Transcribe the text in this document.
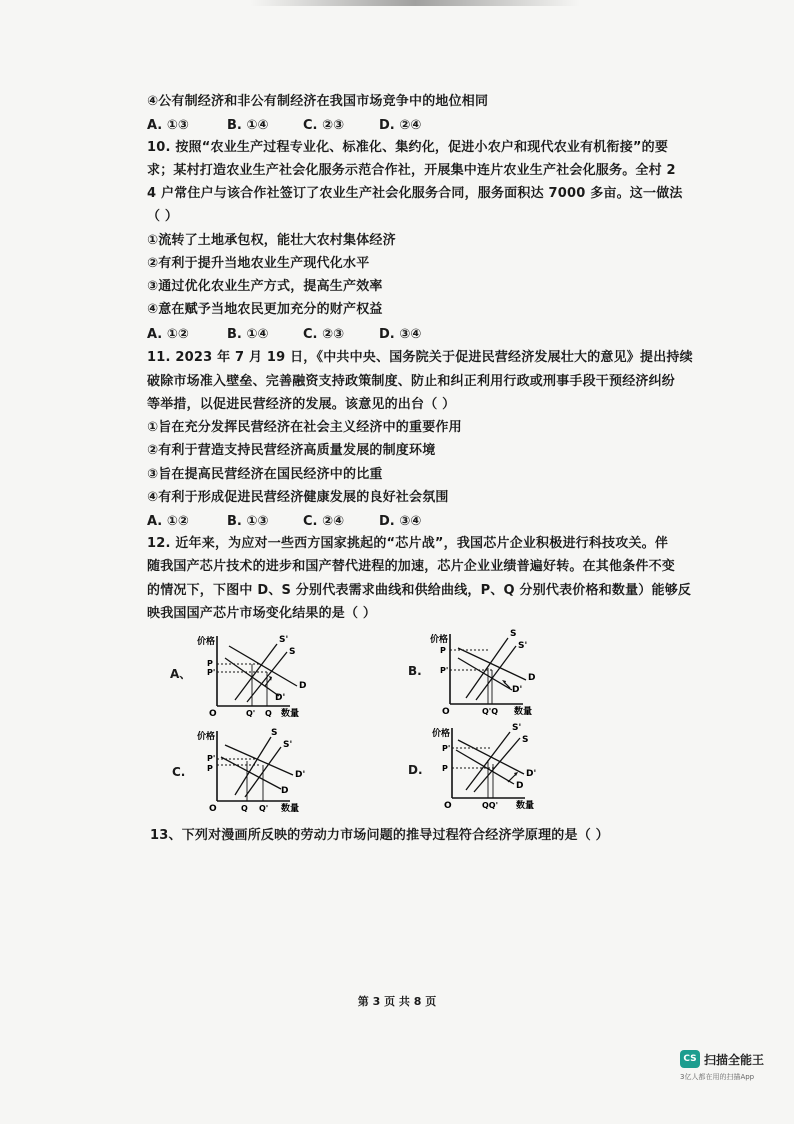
④公有制经济和非公有制经济在我国市场竞争中的地位相同
A. ①③	B. ①④	C. ②③	D. ②④
10. 按照“农业生产过程专业化、标准化、集约化，促进小农户和现代农业有机衔接”的要
求；某村打造农业生产社会化服务示范合作社，开展集中连片农业生产社会化服务。全村 2
4 户常住户与该合作社签订了农业生产社会化服务合同，服务面积达 7000 多亩。这一做法
（ ）
①流转了土地承包权，能壮大农村集体经济
②有利于提升当地农业生产现代化水平
③通过优化农业生产方式，提高生产效率
④意在赋予当地农民更加充分的财产权益
A. ①②	B. ①④	C. ②③	D. ③④
11. 2023 年 7 月 19 日，《中共中央、国务院关于促进民营经济发展壮大的意见》提出持续
破除市场准入壁垒、完善融资支持政策制度、防止和纠正利用行政或刑事手段干预经济纠纷
等举措，以促进民营经济的发展。该意见的出台（ ）
①旨在充分发挥民营经济在社会主义经济中的重要作用
②有利于营造支持民营经济高质量发展的制度环境
③旨在提高民营经济在国民经济中的比重
④有利于形成促进民营经济健康发展的良好社会氛围
A. ①②	B. ①③	C. ②④	D. ③④
12. 近年来，为应对一些西方国家挑起的“芯片战”，我国芯片企业积极进行科技攻关。伴
随我国产芯片技术的进步和国产替代进程的加速，芯片企业业绩普遍好转。在其他条件不变
的情况下，下图中 D、S 分别代表需求曲线和供给曲线，P、Q 分别代表价格和数量）能够反
映我国国产芯片市场变化结果的是（ ）
A、
价格
数量
O
S'
S
D
D'
P
P'
Q' Q
B.
价格
数量
O
S
S'
D
D'
P
P'
Q'Q
C.
价格
数量
O
S
S'
D'
D
P'
P
Q Q'
D.
价格
数量
O
S'
S
D'
D
P'
P
QQ'
13、下列对漫画所反映的劳动力市场问题的推导过程符合经济学原理的是（ ）
第 3 页 共 8 页
CS 扫描全能王
3亿人都在用的扫描App
